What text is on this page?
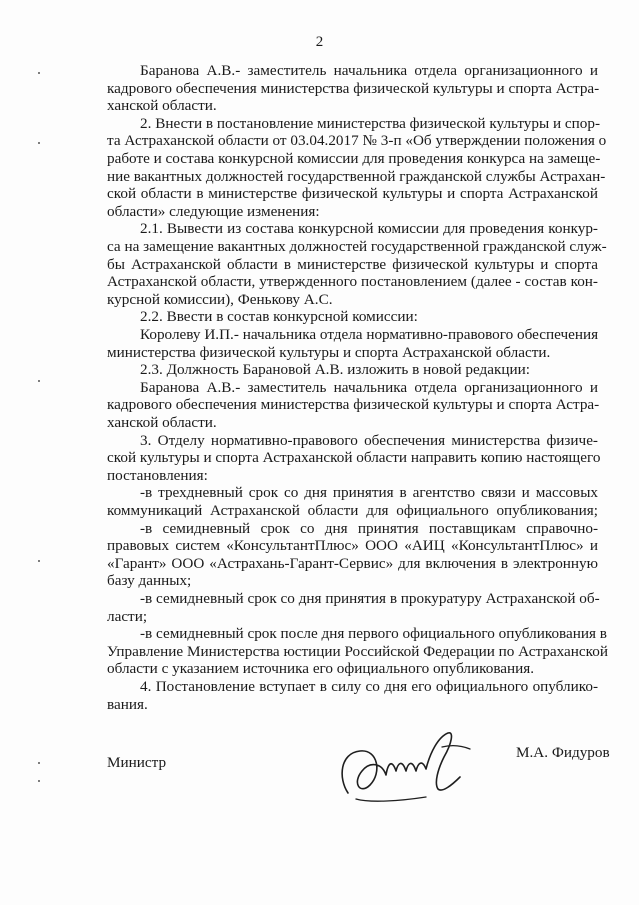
2
Баранова А.В.- заместитель начальника отдела организационного и
кадрового обеспечения министерства физической культуры и спорта Астра-
ханской области.
2. Внести в постановление министерства физической культуры и спор-
та Астраханской области от 03.04.2017 № 3-п «Об утверждении положения о
работе и состава конкурсной комиссии для проведения конкурса на замеще-
ние вакантных должностей государственной гражданской службы Астрахан-
ской области в министерстве физической культуры и спорта Астраханской
области» следующие изменения:
2.1. Вывести из состава конкурсной комиссии для проведения конкур-
са на замещение вакантных должностей государственной гражданской служ-
бы Астраханской области в министерстве физической культуры и спорта
Астраханской области, утвержденного постановлением (далее - состав кон-
курсной комиссии), Фенькову А.С.
2.2. Ввести в состав конкурсной комиссии:
Королеву И.П.- начальника отдела нормативно-правового обеспечения
министерства физической культуры и спорта Астраханской области.
2.3. Должность Барановой А.В. изложить в новой редакции:
Баранова А.В.- заместитель начальника отдела организационного и
кадрового обеспечения министерства физической культуры и спорта Астра-
ханской области.
3. Отделу нормативно-правового обеспечения министерства физиче-
ской культуры и спорта Астраханской области направить копию настоящего
постановления:
-в трехдневный срок со дня принятия в агентство связи и массовых
коммуникаций Астраханской области для официального опубликования;
-в семидневный срок со дня принятия поставщикам справочно-
правовых систем «КонсультантПлюс» ООО «АИЦ «КонсультантПлюс» и
«Гарант» ООО «Астрахань-Гарант-Сервис» для включения в электронную
базу данных;
-в семидневный срок со дня принятия в прокуратуру Астраханской об-
ласти;
-в семидневный срок после дня первого официального опубликования в
Управление Министерства юстиции Российской Федерации по Астраханской
области с указанием источника его официального опубликования.
4. Постановление вступает в силу со дня его официального опублико-
вания.
Министр
М.А. Фидуров
